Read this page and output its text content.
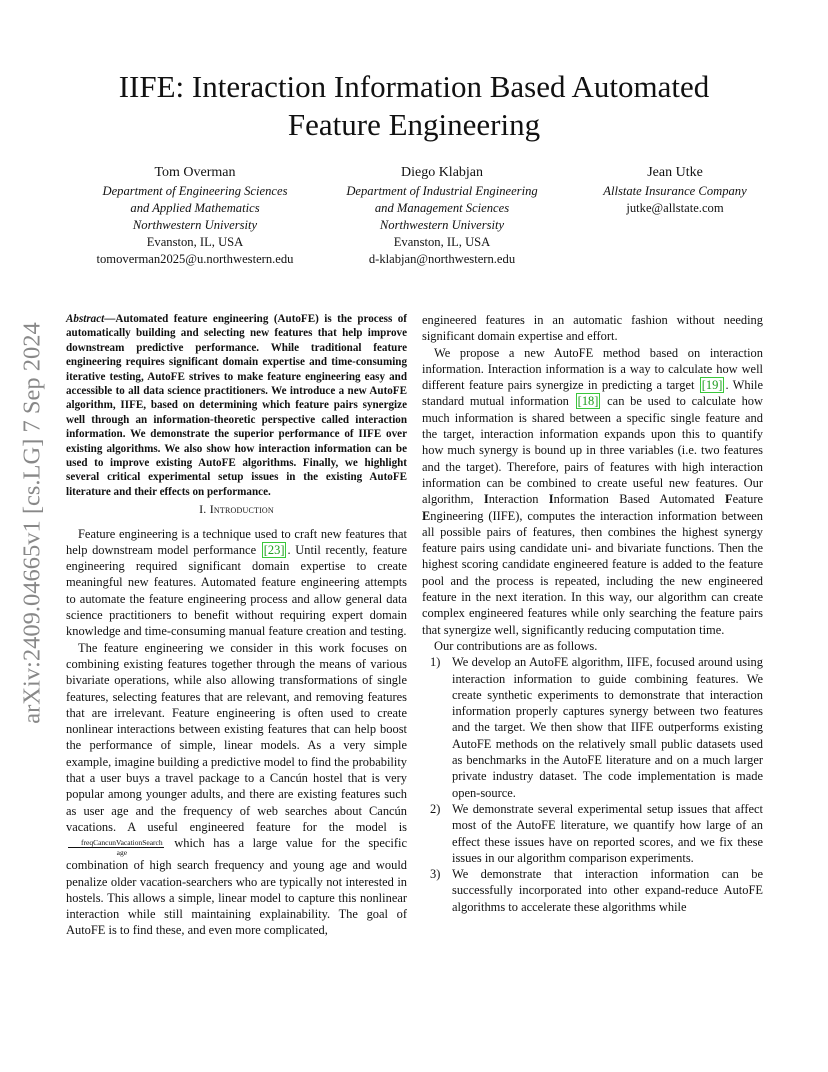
arXiv:2409.04665v1 [cs.LG] 7 Sep 2024
IIFE: Interaction Information Based Automated
Feature Engineering
Tom Overman
Department of Engineering Sciences
and Applied Mathematics
Northwestern University
Evanston, IL, USA
tomoverman2025@u.northwestern.edu
Diego Klabjan
Department of Industrial Engineering
and Management Sciences
Northwestern University
Evanston, IL, USA
d-klabjan@northwestern.edu
Jean Utke
Allstate Insurance Company
jutke@allstate.com

Abstract—Automated feature engineering (AutoFE) is the process of automatically building and selecting new features that help improve downstream predictive performance. While traditional feature engineering requires significant domain expertise and time-consuming iterative testing, AutoFE strives to make feature engineering easy and accessible to all data science practitioners. We introduce a new AutoFE algorithm, IIFE, based on determining which feature pairs synergize well through an information-theoretic perspective called interaction information. We demonstrate the superior performance of IIFE over existing algorithms. We also show how interaction information can be used to improve existing AutoFE algorithms. Finally, we highlight several critical experimental setup issues in the existing AutoFE literature and their effects on performance.

I. Introduction

Feature engineering is a technique used to craft new features that help downstream model performance [23] . Until recently, feature engineering required significant domain expertise to create meaningful new features. Automated feature engineering attempts to automate the feature engineering process and allow general data science practitioners to benefit without requiring expert domain knowledge and time-consuming manual feature creation and testing.

The feature engineering we consider in this work focuses on combining existing features together through the means of various bivariate operations, while also allowing transformations of single features, selecting features that are relevant, and removing features that are irrelevant. Feature engineering is often used to create nonlinear interactions between existing features that can help boost the performance of simple, linear models. As a very simple example, imagine building a predictive model to find the probability that a user buys a travel package to a Cancún hostel that is very popular among younger adults, and there are existing features such as user age and the frequency of web searches about Cancún vacations. A useful engineered feature for the model is
$\frac{\text{freqCancunVacationSearch}}{\text{age}}$ which has a large value for the specific combination of high search frequency and young age and would penalize older vacation-searchers who are typically not interested in hostels. This allows a simple, linear model to capture this nonlinear interaction while still maintaining explainability. The goal of AutoFE is to find these, and even more complicated,

engineered features in an automatic fashion without needing significant domain expertise and effort.

We propose a new AutoFE method based on interaction information. Interaction information is a way to calculate how well different feature pairs synergize in predicting a target [19] . While standard mutual information [18] can be used to calculate how much information is shared between a specific single feature and the target, interaction information expands upon this to quantify how much synergy is bound up in three variables (i.e. two features and the target). Therefore, pairs of features with high interaction information can be combined to create useful new features. Our algorithm, Interaction Information Based Automated Feature Engineering (IIFE), computes the interaction information between all possible pairs of features, then combines the highest synergy feature pairs using candidate uni- and bivariate functions. Then the highest scoring candidate engineered feature is added to the feature pool and the process is repeated, including the new engineered feature in the next iteration. In this way, our algorithm can create complex engineered features while only searching the feature pairs that synergize well, significantly reducing computation time.

Our contributions are as follows.

1) We develop an AutoFE algorithm, IIFE, focused around using interaction information to guide combining features. We create synthetic experiments to demonstrate that interaction information properly captures synergy between two features and the target. We then show that IIFE outperforms existing AutoFE methods on the relatively small public datasets used as benchmarks in the AutoFE literature and on a much larger private industry dataset. The code implementation is made open-source.
2) We demonstrate several experimental setup issues that affect most of the AutoFE literature, we quantify how large of an effect these issues have on reported scores, and we fix these issues in our algorithm comparison experiments.
3) We demonstrate that interaction information can be successfully incorporated into other expand-reduce AutoFE algorithms to accelerate these algorithms while
